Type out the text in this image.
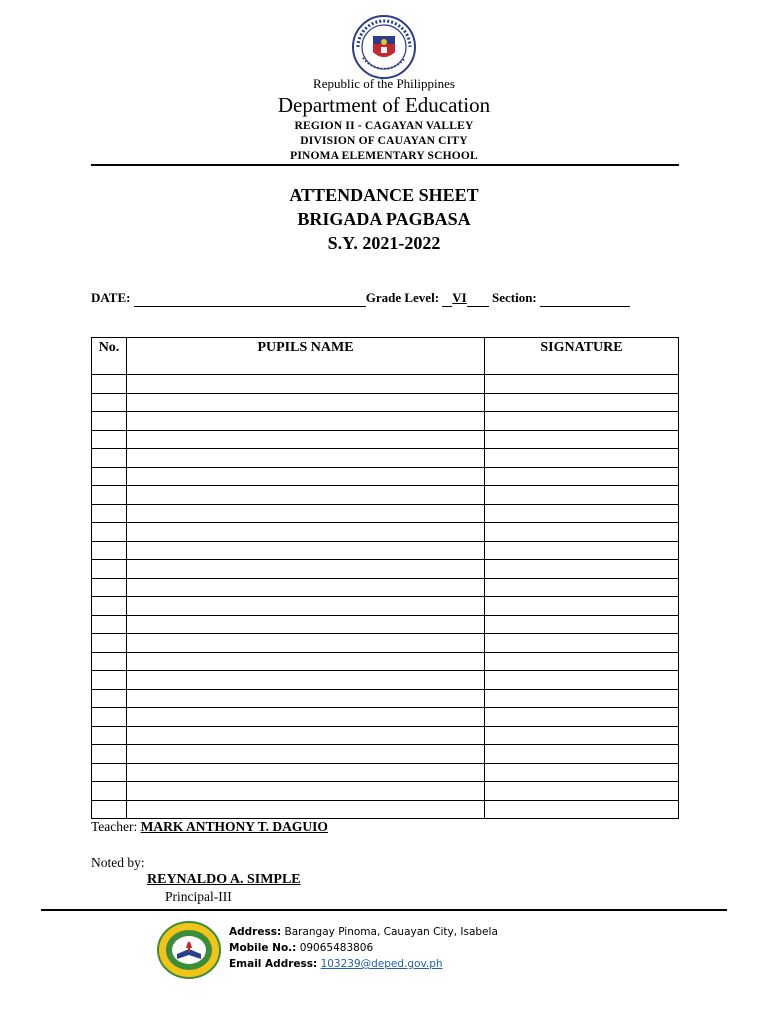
Republic of the Philippines
Department of Education
REGION II - CAGAYAN VALLEY
DIVISION OF CAUAYAN CITY
PINOMA ELEMENTARY SCHOOL
ATTENDANCE SHEET
BRIGADA PAGBASA
S.Y. 2021-2022
DATE:	Grade Level: VI Section:
No.	PUPILS NAME	SIGNATURE

Teacher: MARK ANTHONY T. DAGUIO
Noted by:
REYNALDO A. SIMPLE
Principal-III
Address: Barangay Pinoma, Cauayan City, Isabela
Mobile No.: 09065483806
Email Address: 103239@deped.gov.ph
